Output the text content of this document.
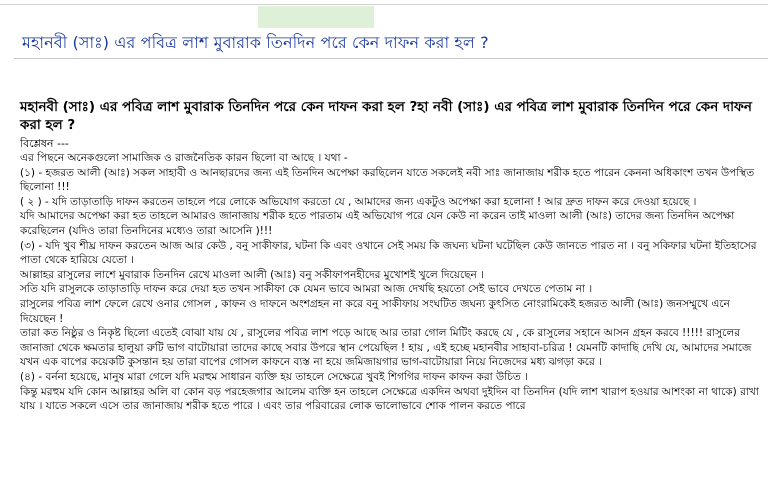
মহানবী (সাঃ) এর পবিত্র লাশ মুবারাক তিনদিন পরে কেন দাফন করা হল ?
মহানবী (সাঃ) এর পবিত্র লাশ মুবারাক তিনদিন পরে কেন দাফন করা হল ?হা নবী (সাঃ) এর পবিত্র লাশ মুবারাক তিনদিন পরে কেন দাফন করা হল ?
বিশ্লেষন ---

এর পিছনে অনেকগুলো সামাজিক ও রাজনৈতিক কারন ছিলো বা আছে । যথা -

(১) - হজরত আলী (আঃ) সকল সাহাবী ও আনছারদের জন্য এই তিনদিন অপেক্ষা করছিলেন যাতে সকলেই নবী সাঃ জানাজায় শরীক হতে পারেন কেননা অধিকাংশ তখন উপস্থিত ছিলোনা !!!

( ২ ) - যদি তাড়াতাড়ি দাফন করতেন তাহলে পরে লোকে অভিযোগ করতো যে , আমাদের জন্য একটুও অপেক্ষা করা হলোনা ! আর দ্রুত দাফন করে দেওয়া হয়েছে ।

যদি আমাদের অপেক্ষা করা হত তাহলে আমারও জানাজায় শরীক হতে পারতাম এই অভিযোগ পরে যেন কেউ না করেন তাই মাওলা আলী (আঃ) তাদের জন্য তিনদিন অপেক্ষা করেছিলেন (যদিও তারা তিনদিনের মধ্যেও তারা আসেনি )!!!

(৩) - যদি খুব শীঘ্র দাফন করতেন আজ আর কেউ , বনু সাকীফার, ঘটনা কি এবং ওখানে সেই সময় কি জঘন্য ঘটনা ঘটেছিল কেউ জানতে পারত না । বনু সকিফার ঘটনা ইতিহাসের পাতা থেকে হারিয়ে যেতো ।

আল্লাহর রাসুলের লাশে মুবারাক তিনদিন রেখে মাওলা আলী (আঃ) বনু সকীফাপনহীদের মুখোশই খুলে দিয়েছেন ।

সতি যদি রাসুলকে তাড়াতাড়ি দাফন করে দেয়া হত তখন সাকীফা কে যেমন ভাবে আমরা আজ দেখছি হয়তো সেই ভাবে দেখতে পেতাম না ।

রাসুলের পবিত্র লাশ ফেলে রেখে ওনার গোসল , কাফন ও দাফনে অংশগ্রহন না করে বনু সাকীফায় সংঘটিত জঘন্য কুৎসিত নোংরামিকেই হজরত আলী (আঃ) জনসম্মুখে এনে দিয়েছেন !

তারা কত নিষ্ঠুর ও নিকৃষ্ট ছিলো এতেই বোঝা যায় যে , রাসুলের পবিত্র লাশ পড়ে আছে আর তারা গোল মিটিং করছে যে , কে রাসুলের সহানে আসন গ্রহন করবে !!!!! রাসুলের জানাজা থেকে ক্ষমতার হালুয়া রুটি ভাগ বাটোয়ারা তাদের কাছে সবার উপরে স্থান পেয়েছিল ! হায় , এই হচ্ছে মহানবীর সাহাবা-চরিত্র ! যেমনটি কাদাছি দেখি যে, আমাদের সমাজে যখন এক বাপের কয়েকটি কুসন্তান হয় তারা বাপের গোসল কাফনে ব্যস্ত না হয়ে জমিজায়গার ভাগ-বাটোয়ারা নিয়ে নিজেদের মধ্য ঝগড়া করে ।

(৪) - বর্ননা হয়েছে, মানুষ মারা গেলে যদি মরহুম সাধারন ব্যক্তি হয় তাহলে সেক্ষেত্রে খুবই শিগগির দাফন কাফন করা উচিত ।

কিন্তু মরহুম যদি কোন আল্লাহর অলি বা কোন বড় পরহেজগার আলেম ব্যক্তি হন তাহলে সেক্ষেত্রে একদিন অথবা দুইদিন বা তিনদিন (যদি লাশ খারাপ হওয়ার আশংকা না থাকে) রাখা যায় । যাতে সকলে এসে তার জানাজায় শরীক হতে পারে । এবং তার পরিবারের লোক ভালোভাবে শোক পালন করতে পারে
